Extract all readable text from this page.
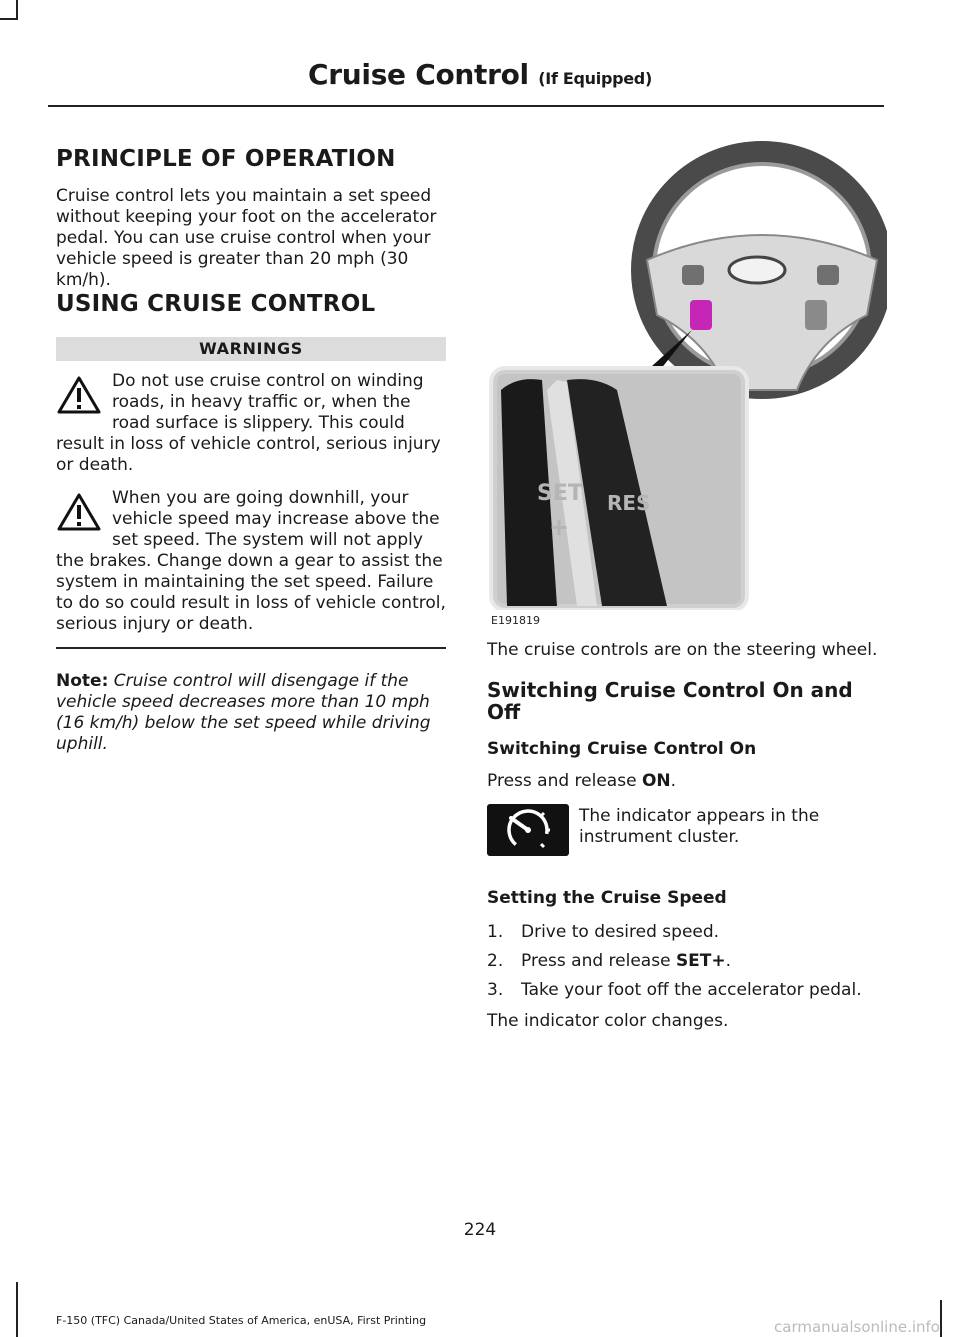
Cruise Control (If Equipped)
PRINCIPLE OF OPERATION

Cruise control lets you maintain a set speed without keeping your foot on the accelerator pedal. You can use cruise control when your vehicle speed is greater than 20 mph (30 km/h).

USING CRUISE CONTROL
WARNINGS
Do not use cruise control on winding roads, in heavy traffic or, when the road surface is slippery. This could result in loss of vehicle control, serious injury or death.
When you are going downhill, your vehicle speed may increase above the set speed. The system will not apply the brakes. Change down a gear to assist the system in maintaining the set speed. Failure to do so could result in loss of vehicle control, serious injury or death.

Note: Cruise control will disengage if the vehicle speed decreases more than 10 mph (16 km/h) below the set speed while driving uphill.

SET
+
RES
E191819

The cruise controls are on the steering wheel.

Switching Cruise Control On and Off
Switching Cruise Control On

Press and release ON.

The indicator appears in the instrument cluster.
Setting the Cruise Speed
1. Drive to desired speed.
2. Press and release SET+.
3. Take your foot off the accelerator pedal.

The indicator color changes.

224
F-150 (TFC) Canada/United States of America, enUSA, First Printing	carmanualsonline.info
